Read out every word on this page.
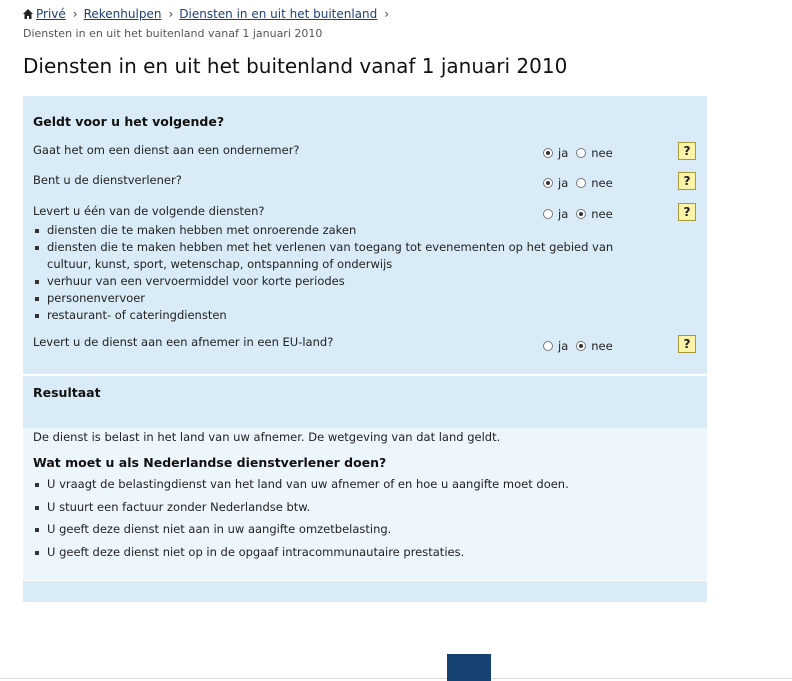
Privé › Rekenhulpen › Diensten in en uit het buitenland ›
Diensten in en uit het buitenland vanaf 1 januari 2010
Diensten in en uit het buitenland vanaf 1 januari 2010
Geldt voor u het volgende?
Gaat het om een dienst aan een ondernemer?	ja nee	?
Bent u de dienstverlener?	ja nee	?
Levert u één van de volgende diensten?	ja nee	?
diensten die te maken hebben met onroerende zaken
diensten die te maken hebben met het verlenen van toegang tot evenementen op het gebied van cultuur, kunst, sport, wetenschap, ontspanning of onderwijs
verhuur van een vervoermiddel voor korte periodes
personenvervoer
restaurant- of cateringdiensten
Levert u de dienst aan een afnemer in een EU-land?	ja nee	?
Resultaat
De dienst is belast in het land van uw afnemer. De wetgeving van dat land geldt.
Wat moet u als Nederlandse dienstverlener doen?
U vraagt de belastingdienst van het land van uw afnemer of en hoe u aangifte moet doen.
U stuurt een factuur zonder Nederlandse btw.
U geeft deze dienst niet aan in uw aangifte omzetbelasting.
U geeft deze dienst niet op in de opgaaf intracommunautaire prestaties.
